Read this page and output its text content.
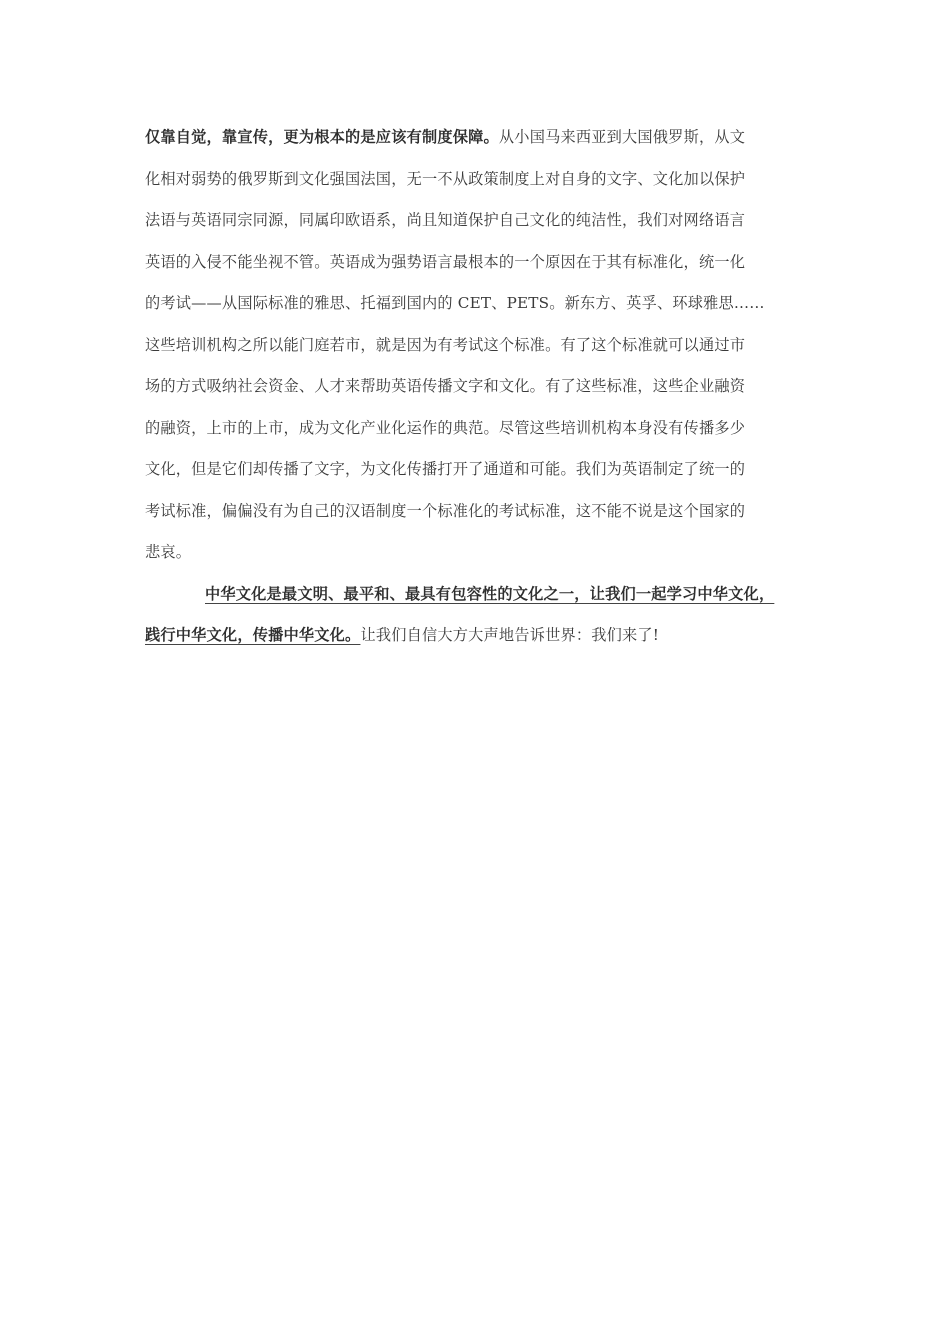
仅靠自觉，靠宣传，更为根本的是应该有制度保障。从小国马来西亚到大国俄罗斯，从文
化相对弱势的俄罗斯到文化强国法国，无一不从政策制度上对自身的文字、文化加以保护
法语与英语同宗同源，同属印欧语系，尚且知道保护自己文化的纯洁性，我们对网络语言
英语的入侵不能坐视不管。英语成为强势语言最根本的一个原因在于其有标准化，统一化
的考试——从国际标准的雅思、托福到国内的 CET、PETS。新东方、英孚、环球雅思……
这些培训机构之所以能门庭若市，就是因为有考试这个标准。有了这个标准就可以通过市
场的方式吸纳社会资金、人才来帮助英语传播文字和文化。有了这些标准，这些企业融资
的融资，上市的上市，成为文化产业化运作的典范。尽管这些培训机构本身没有传播多少
文化，但是它们却传播了文字，为文化传播打开了通道和可能。我们为英语制定了统一的
考试标准，偏偏没有为自己的汉语制度一个标准化的考试标准，这不能不说是这个国家的
悲哀。
中华文化是最文明、最平和、最具有包容性的文化之一，让我们一起学习中华文化，
践行中华文化，传播中华文化。让我们自信大方大声地告诉世界：我们来了!
